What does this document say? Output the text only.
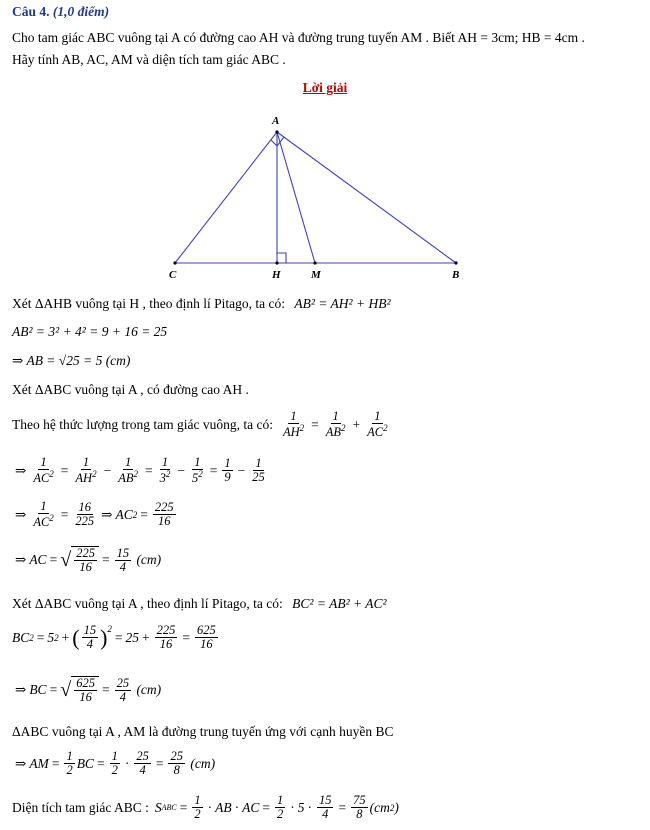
Câu 4. (1,0 điểm)
Cho tam giác ABC vuông tại A có đường cao AH và đường trung tuyến AM . Biết AH = 3cm; HB = 4cm .
Hãy tính AB, AC, AM và diện tích tam giác ABC .
Lời giải
A
C	H	M	B
Xét ΔAHB vuông tại H , theo định lí Pitago, ta có: AB² = AH² + HB²
AB² = 3² + 4² = 9 + 16 = 25
⇒ AB = √25 = 5 (cm)
Xét ΔABC vuông tại A , có đường cao AH .
Theo hệ thức lượng trong tam giác vuông, ta có: $\frac{1}{AH^2} = \frac{1}{AB^2} + \frac{1}{AC^2}$
⇒ $\frac{1}{AC^2} = \frac{1}{AH^2} - \frac{1}{AB^2} = \frac{1}{3^2} - \frac{1}{5^2} = \frac{1}{9} - \frac{1}{25}$
⇒ $\frac{1}{AC^2} = \frac{16}{225}$ ⇒ AC $2 = \frac{225}{16}$
⇒ AC = √ $\frac{225}{16} = \frac{15}{4} (cm)$
Xét ΔABC vuông tại A , theo định lí Pitago, ta có: BC² = AB² + AC²
BC 2 = 5 2 + ( $\frac{15}{4} )^2$
= $25 + \frac{225}{16} = \frac{625}{16}$
⇒ BC = √ $\frac{625}{16} = \frac{25}{4} (cm)$
ΔABC vuông tại A , AM là đường trung tuyến ứng với cạnh huyền BC
⇒ AM = $\frac{1}{2}$ BC = $\frac{1}{2} \cdot \frac{25}{4} = \frac{25}{8} (cm)$
Diện tích tam giác ABC : S ABC = $\frac{1}{2}$ · AB · AC = $\frac{1}{2} \cdot 5 \cdot \frac{15}{4} = \frac{75}{8} (cm$ 2 )
